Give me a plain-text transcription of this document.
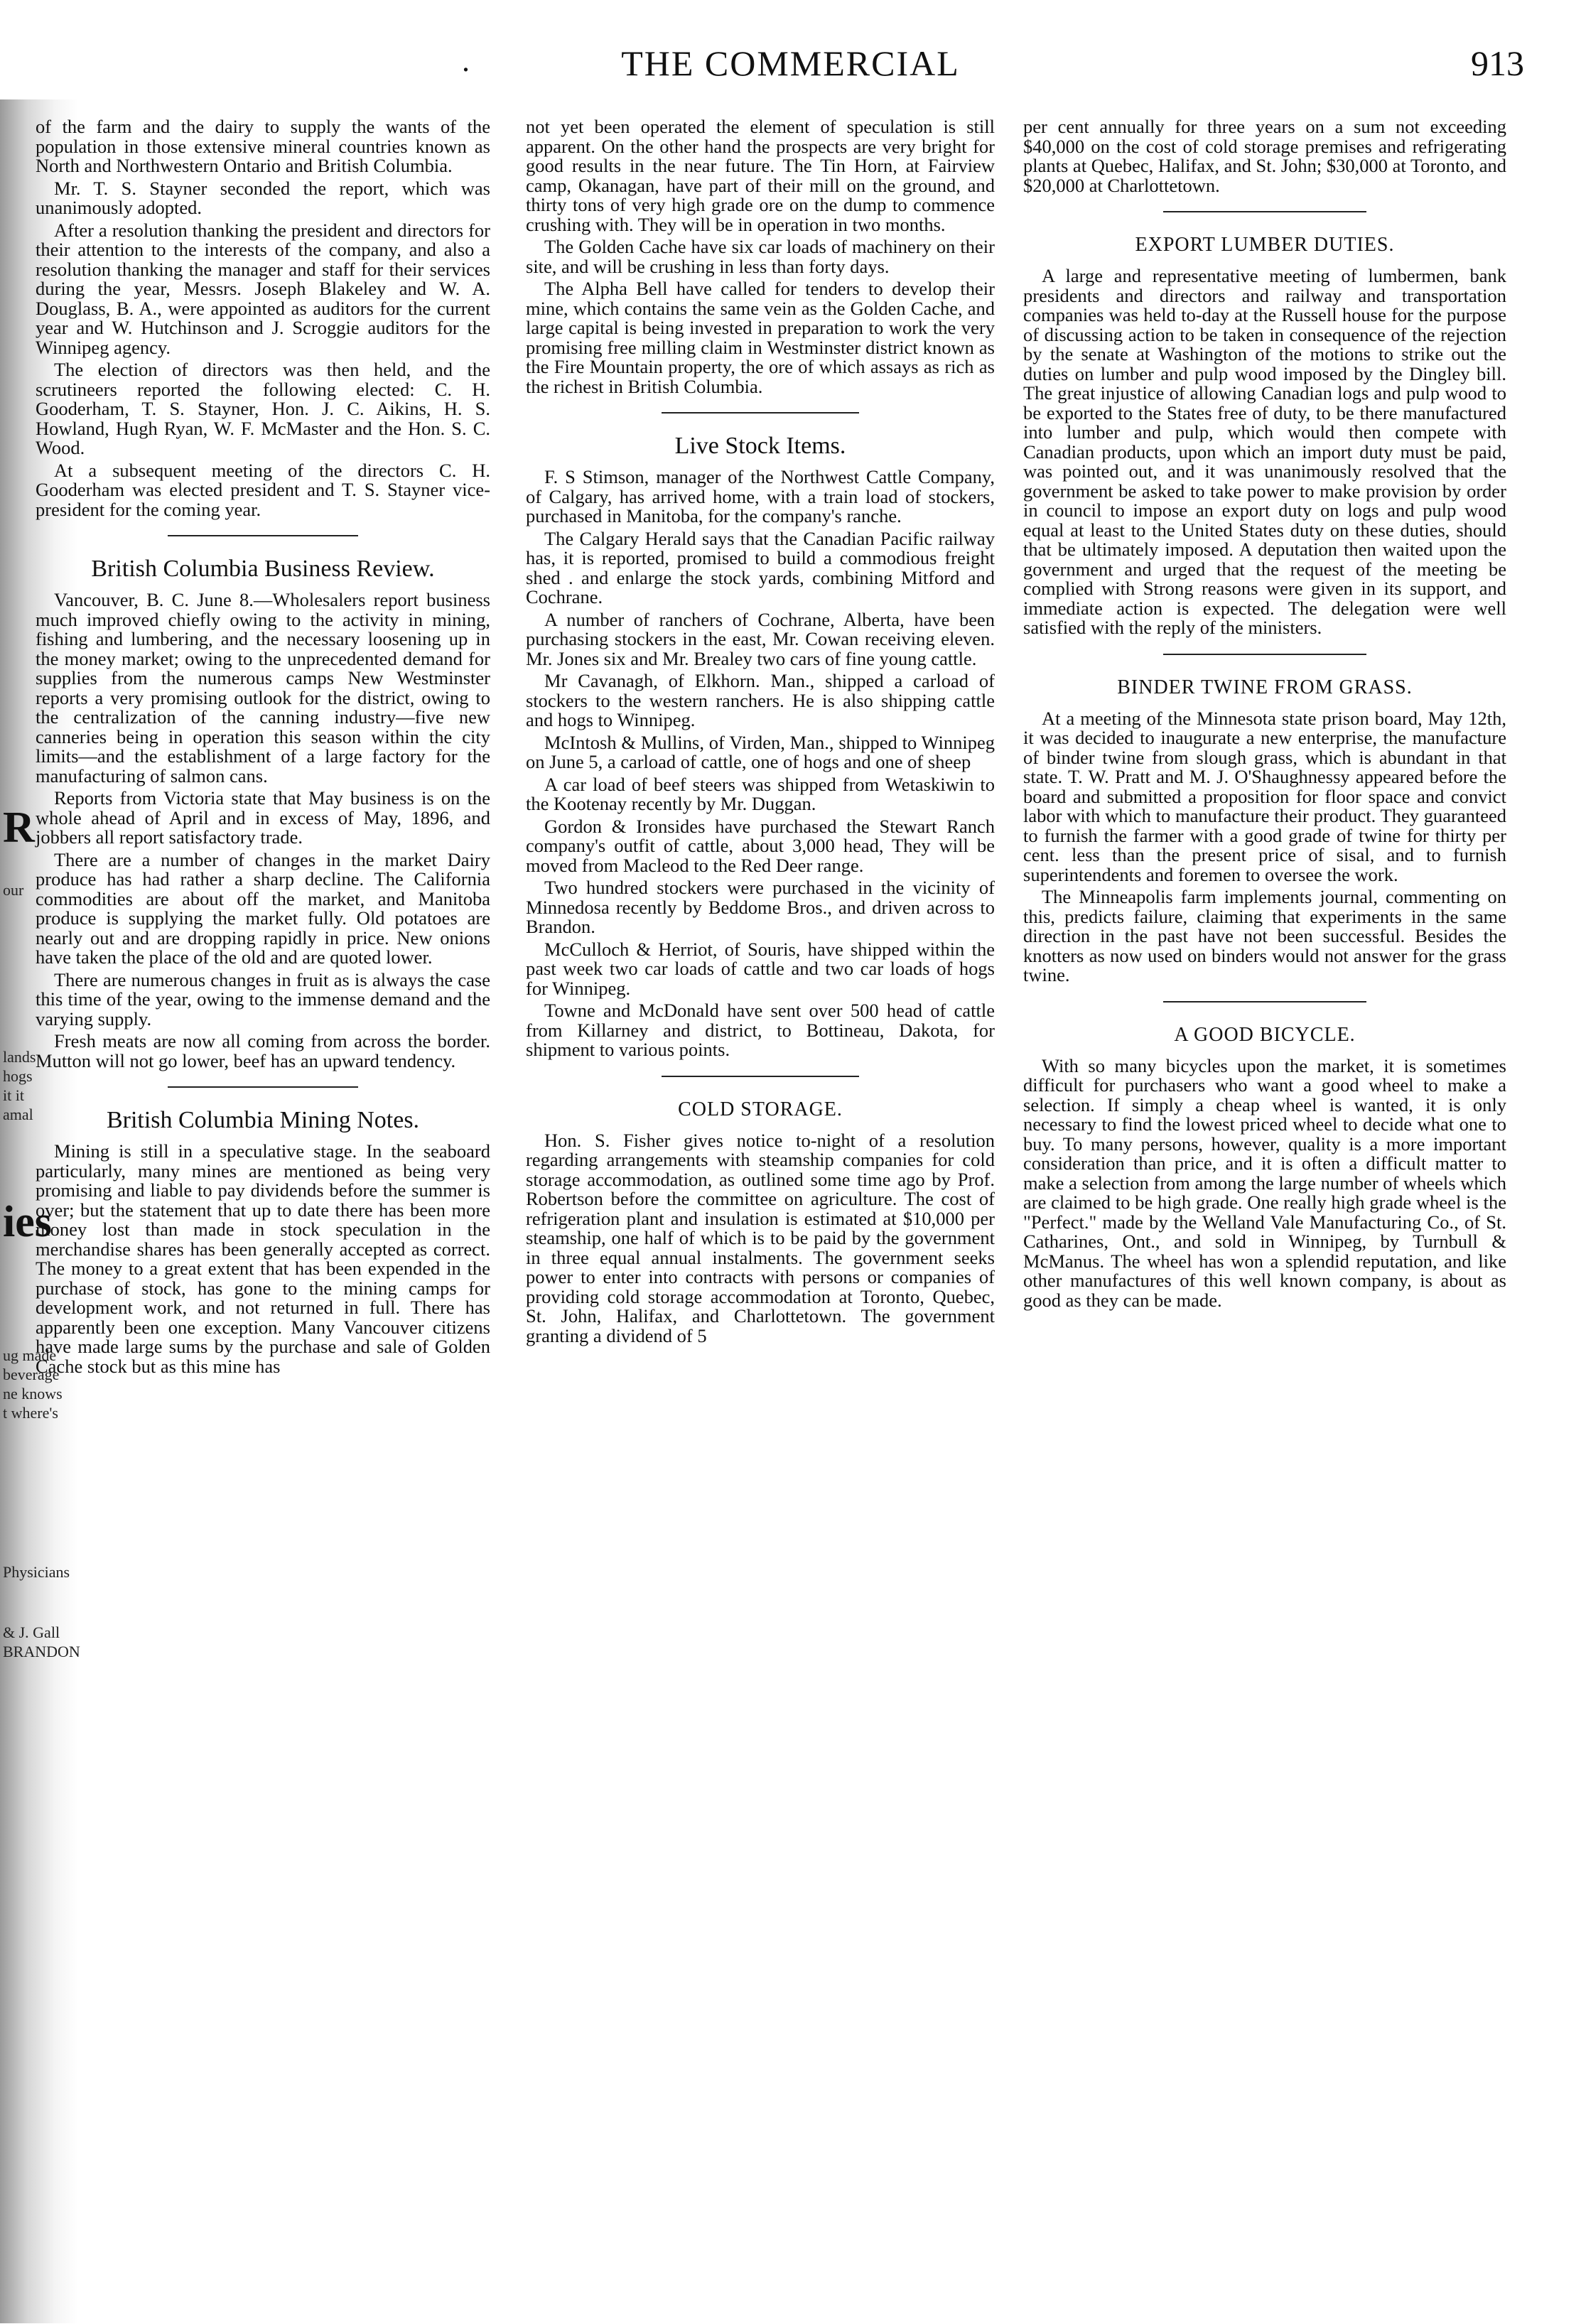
.	THE COMMERCIAL	913
R
our
lands
hogs
it it
amal
ies
ug made
beverage
ne knows
t where's
Physicians
& J. Gall
BRANDON

of the farm and the dairy to supply the wants of the population in those extensive mineral countries known as North and Northwestern Ontario and British Columbia.

Mr. T. S. Stayner seconded the report, which was unanimously adopted.

After a resolution thanking the president and directors for their attention to the interests of the company, and also a resolution thanking the manager and staff for their services during the year, Messrs. Joseph Blakeley and W. A. Douglass, B. A., were appointed as auditors for the current year and W. Hutchinson and J. Scroggie auditors for the Winnipeg agency.

The election of directors was then held, and the scrutineers reported the following elected: C. H. Gooderham, T. S. Stayner, Hon. J. C. Aikins, H. S. Howland, Hugh Ryan, W. F. McMaster and the Hon. S. C. Wood.

At a subsequent meeting of the directors C. H. Gooderham was elected president and T. S. Stayner vice-president for the coming year.

British Columbia Business Review.

Vancouver, B. C. June 8.—Wholesalers report business much improved chiefly owing to the activity in mining, fishing and lumbering, and the necessary loosening up in the money market; owing to the unprecedented demand for supplies from the numerous camps New Westminster reports a very promising outlook for the district, owing to the centralization of the canning industry—five new canneries being in operation this season within the city limits—and the establishment of a large factory for the manufacturing of salmon cans.

Reports from Victoria state that May business is on the whole ahead of April and in excess of May, 1896, and jobbers all report satisfactory trade.

There are a number of changes in the market Dairy produce has had rather a sharp decline. The California commodities are about off the market, and Manitoba produce is supplying the market fully. Old potatoes are nearly out and are dropping rapidly in price. New onions have taken the place of the old and are quoted lower.

There are numerous changes in fruit as is always the case this time of the year, owing to the immense demand and the varying supply.

Fresh meats are now all coming from across the border. Mutton will not go lower, beef has an upward tendency.

British Columbia Mining Notes.

Mining is still in a speculative stage. In the seaboard particularly, many mines are mentioned as being very promising and liable to pay dividends before the summer is over; but the statement that up to date there has been more money lost than made in stock speculation in the merchandise shares has been generally accepted as correct. The money to a great extent that has been expended in the purchase of stock, has gone to the mining camps for development work, and not returned in full. There has apparently been one exception. Many Vancouver citizens have made large sums by the purchase and sale of Golden Cache stock but as this mine has

not yet been operated the element of speculation is still apparent. On the other hand the prospects are very bright for good results in the near future. The Tin Horn, at Fairview camp, Okanagan, have part of their mill on the ground, and thirty tons of very high grade ore on the dump to commence crushing with. They will be in operation in two months.

The Golden Cache have six car loads of machinery on their site, and will be crushing in less than forty days.

The Alpha Bell have called for tenders to develop their mine, which contains the same vein as the Golden Cache, and large capital is being invested in preparation to work the very promising free milling claim in Westminster district known as the Fire Mountain property, the ore of which assays as rich as the richest in British Columbia.

Live Stock Items.

F. S Stimson, manager of the Northwest Cattle Company, of Calgary, has arrived home, with a train load of stockers, purchased in Manitoba, for the company's ranche.

The Calgary Herald says that the Canadian Pacific railway has, it is reported, promised to build a commodious freight shed . and enlarge the stock yards, combining Mitford and Cochrane.

A number of ranchers of Cochrane, Alberta, have been purchasing stockers in the east, Mr. Cowan receiving eleven. Mr. Jones six and Mr. Brealey two cars of fine young cattle.

Mr Cavanagh, of Elkhorn. Man., shipped a carload of stockers to the western ranchers. He is also shipping cattle and hogs to Winnipeg.

McIntosh & Mullins, of Virden, Man., shipped to Winnipeg on June 5, a carload of cattle, one of hogs and one of sheep

A car load of beef steers was shipped from Wetaskiwin to the Kootenay recently by Mr. Duggan.

Gordon & Ironsides have purchased the Stewart Ranch company's outfit of cattle, about 3,000 head, They will be moved from Macleod to the Red Deer range.

Two hundred stockers were purchased in the vicinity of Minnedosa recently by Beddome Bros., and driven across to Brandon.

McCulloch & Herriot, of Souris, have shipped within the past week two car loads of cattle and two car loads of hogs for Winnipeg.

Towne and McDonald have sent over 500 head of cattle from Killarney and district, to Bottineau, Dakota, for shipment to various points.

COLD STORAGE.

Hon. S. Fisher gives notice to-night of a resolution regarding arrangements with steamship companies for cold storage accommodation, as outlined some time ago by Prof. Robertson before the committee on agriculture. The cost of refrigeration plant and insulation is estimated at $10,000 per steamship, one half of which is to be paid by the government in three equal annual instalments. The government seeks power to enter into contracts with persons or companies of providing cold storage accommodation at Toronto, Quebec, St. John, Halifax, and Charlottetown. The government granting a dividend of 5

per cent annually for three years on a sum not exceeding $40,000 on the cost of cold storage premises and refrigerating plants at Quebec, Halifax, and St. John; $30,000 at Toronto, and $20,000 at Charlottetown.

EXPORT LUMBER DUTIES.

A large and representative meeting of lumbermen, bank presidents and directors and railway and transportation companies was held to-day at the Russell house for the purpose of discussing action to be taken in consequence of the rejection by the senate at Washington of the motions to strike out the duties on lumber and pulp wood imposed by the Dingley bill. The great injustice of allowing Canadian logs and pulp wood to be exported to the States free of duty, to be there manufactured into lumber and pulp, which would then compete with Canadian products, upon which an import duty must be paid, was pointed out, and it was unanimously resolved that the government be asked to take power to make provision by order in council to impose an export duty on logs and pulp wood equal at least to the United States duty on these duties, should that be ultimately imposed. A deputation then waited upon the government and urged that the request of the meeting be complied with Strong reasons were given in its support, and immediate action is expected. The delegation were well satisfied with the reply of the ministers.

BINDER TWINE FROM GRASS.

At a meeting of the Minnesota state prison board, May 12th, it was decided to inaugurate a new enterprise, the manufacture of binder twine from slough grass, which is abundant in that state. T. W. Pratt and M. J. O'Shaughnessy appeared before the board and submitted a proposition for floor space and convict labor with which to manufacture their product. They guaranteed to furnish the farmer with a good grade of twine for thirty per cent. less than the present price of sisal, and to furnish superintendents and foremen to oversee the work.

The Minneapolis farm implements journal, commenting on this, predicts failure, claiming that experiments in the same direction in the past have not been successful. Besides the knotters as now used on binders would not answer for the grass twine.

A GOOD BICYCLE.

With so many bicycles upon the market, it is sometimes difficult for purchasers who want a good wheel to make a selection. If simply a cheap wheel is wanted, it is only necessary to find the lowest priced wheel to decide what one to buy. To many persons, however, quality is a more important consideration than price, and it is often a difficult matter to make a selection from among the large number of wheels which are claimed to be high grade. One really high grade wheel is the "Perfect." made by the Welland Vale Manufacturing Co., of St. Catharines, Ont., and sold in Winnipeg, by Turnbull & McManus. The wheel has won a splendid reputation, and like other manufactures of this well known company, is about as good as they can be made.
